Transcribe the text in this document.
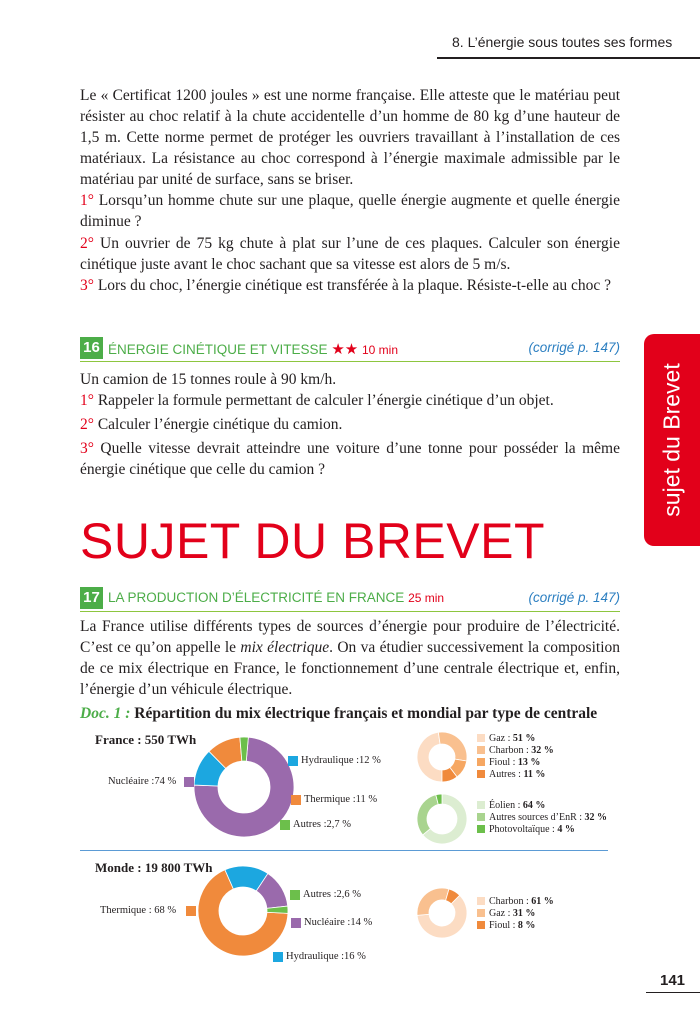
8. L’énergie sous toutes ses formes
sujet du Brevet
Le « Certificat 1200 joules » est une norme française. Elle atteste que le matériau peut résister au choc relatif à la chute accidentelle d’un homme de 80 kg d’une hauteur de 1,5 m. Cette norme permet de protéger les ouvriers travaillant à l’installation de ces matériaux. La résistance au choc correspond à l’énergie maximale admissible par le matériau par unité de surface, sans se briser.
1° Lorsqu’un homme chute sur une plaque, quelle énergie augmente et quelle énergie diminue ?
2° Un ouvrier de 75 kg chute à plat sur l’une de ces plaques. Calculer son énergie cinétique juste avant le choc sachant que sa vitesse est alors de 5 m/s.
3° Lors du choc, l’énergie cinétique est transférée à la plaque. Résiste-t-elle au choc ?
16 ÉNERGIE CINÉTIQUE ET VITESSE ★★ 10 min	(corrigé p. 147)
Un camion de 15 tonnes roule à 90 km/h.
1° Rappeler la formule permettant de calculer l’énergie cinétique d’un objet.
2° Calculer l’énergie cinétique du camion.
3° Quelle vitesse devrait atteindre une voiture d’une tonne pour posséder la même énergie cinétique que celle du camion ?
SUJET DU BREVET
17 LA PRODUCTION D’ÉLECTRICITÉ EN FRANCE 25 min	(corrigé p. 147)
La France utilise différents types de sources d’énergie pour produire de l’électricité. C’est ce qu’on appelle le mix électrique. On va étudier successivement la composition de ce mix électrique en France, le fonctionnement d’une centrale électrique et, enfin, l’énergie d’un véhicule électrique.
Doc. 1 : Répartition du mix électrique français et mondial par type de centrale
France : 550 TWh
Nucléaire :74 %
Hydraulique :12 %
Thermique :11 %
Autres :2,7 %
Gaz : 51 %
Charbon : 32 %
Fioul : 13 %
Autres : 11 %
Éolien : 64 %
Autres sources d’EnR : 32 %
Photovoltaïque : 4 %
Monde : 19 800 TWh
Thermique : 68 %
Autres :2,6 %
Nucléaire :14 %
Hydraulique :16 %
Charbon : 61 %
Gaz : 31 %
Fioul : 8 %
141
